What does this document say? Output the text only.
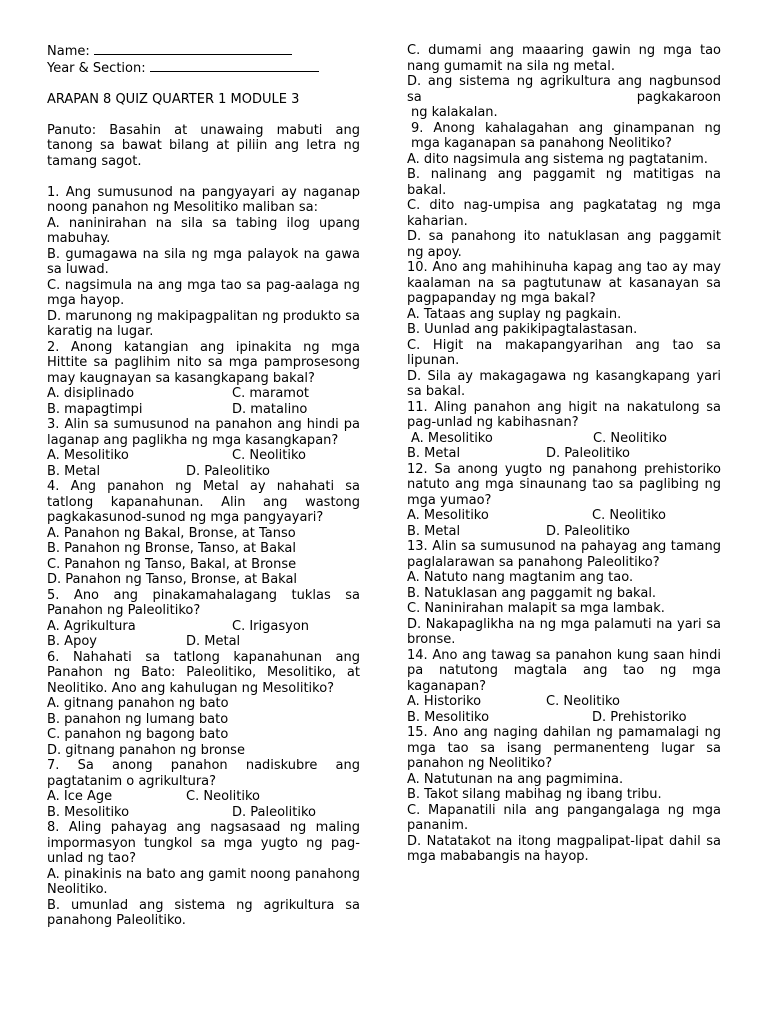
Name:

Year & Section:

ARAPAN 8 QUIZ QUARTER 1 MODULE 3

Panuto: Basahin at unawaing mabuti ang tanong sa bawat bilang at piliin ang letra ng tamang sagot.

1. Ang sumusunod na pangyayari ay naganap noong panahon ng Mesolitiko maliban sa:

A. naninirahan na sila sa tabing ilog upang mabuhay.

B. gumagawa na sila ng mga palayok na gawa sa luwad.

C. nagsimula na ang mga tao sa pag-aalaga ng mga hayop.

D. marunong ng makipagpalitan ng produkto sa karatig na lugar.

2. Anong katangian ang ipinakita ng mga Hittite sa paglihim nito sa mga pamprosesong may kaugnayan sa kasangkapang bakal?

A. disiplinado	C. maramot

B. mapagtimpi	D. matalino

3. Alin sa sumusunod na panahon ang hindi pa laganap ang paglikha ng mga kasangkapan?

A. Mesolitiko	C. Neolitiko

B. Metal	D. Paleolitiko

4. Ang panahon ng Metal ay nahahati sa tatlong kapanahunan. Alin ang wastong pagkakasunod-sunod ng mga pangyayari?

A. Panahon ng Bakal, Bronse, at Tanso

B. Panahon ng Bronse, Tanso, at Bakal

C. Panahon ng Tanso, Bakal, at Bronse

D. Panahon ng Tanso, Bronse, at Bakal

5. Ano ang pinakamahalagang tuklas sa Panahon ng Paleolitiko?

A. Agrikultura	C. Irigasyon

B. Apoy	D. Metal

6. Nahahati sa tatlong kapanahunan ang Panahon ng Bato: Paleolitiko, Mesolitiko, at Neolitiko. Ano ang kahulugan ng Mesolitiko?

A. gitnang panahon ng bato

B. panahon ng lumang bato

C. panahon ng bagong bato

D. gitnang panahon ng bronse

7. Sa anong panahon nadiskubre ang pagtatanim o agrikultura?

A. Ice Age	C. Neolitiko

B. Mesolitiko	D. Paleolitiko

8. Aling pahayag ang nagsasaad ng maling impormasyon tungkol sa mga yugto ng pag-unlad ng tao?

A. pinakinis na bato ang gamit noong panahong Neolitiko.

B. umunlad ang sistema ng agrikultura sa panahong Paleolitiko.

C. dumami ang maaaring gawin ng mga tao nang gumamit na sila ng metal.

D. ang sistema ng agrikultura ang nagbunsod sa pagkakaroon

ng kalakalan.

9. Anong kahalagahan ang ginampanan ng mga kaganapan sa panahong Neolitiko?

A. dito nagsimula ang sistema ng pagtatanim.

B. nalinang ang paggamit ng matitigas na bakal.

C. dito nag-umpisa ang pagkatatag ng mga kaharian.

D. sa panahong ito natuklasan ang paggamit ng apoy.

10. Ano ang mahihinuha kapag ang tao ay may kaalaman na sa pagtutunaw at kasanayan sa pagpapanday ng mga bakal?

A. Tataas ang suplay ng pagkain.

B. Uunlad ang pakikipagtalastasan.

C. Higit na makapangyarihan ang tao sa lipunan.

D. Sila ay makagagawa ng kasangkapang yari sa bakal.

11. Aling panahon ang higit na nakatulong sa pag-unlad ng kabihasnan?

A. Mesolitiko	C. Neolitiko

B. Metal	D. Paleolitiko

12. Sa anong yugto ng panahong prehistoriko natuto ang mga sinaunang tao sa paglibing ng mga yumao?

A. Mesolitiko	C. Neolitiko

B. Metal	D. Paleolitiko

13. Alin sa sumusunod na pahayag ang tamang paglalarawan sa panahong Paleolitiko?

A. Natuto nang magtanim ang tao.

B. Natuklasan ang paggamit ng bakal.

C. Naninirahan malapit sa mga lambak.

D. Nakapaglikha na ng mga palamuti na yari sa bronse.

14. Ano ang tawag sa panahon kung saan hindi pa natutong magtala ang tao ng mga kaganapan?

A. Historiko	C. Neolitiko

B. Mesolitiko	D. Prehistoriko

15. Ano ang naging dahilan ng pamamalagi ng mga tao sa isang permanenteng lugar sa panahon ng Neolitiko?

A. Natutunan na ang pagmimina.

B. Takot silang mabihag ng ibang tribu.

C. Mapanatili nila ang pangangalaga ng mga pananim.

D. Natatakot na itong magpalipat-lipat dahil sa mga mababangis na hayop.
